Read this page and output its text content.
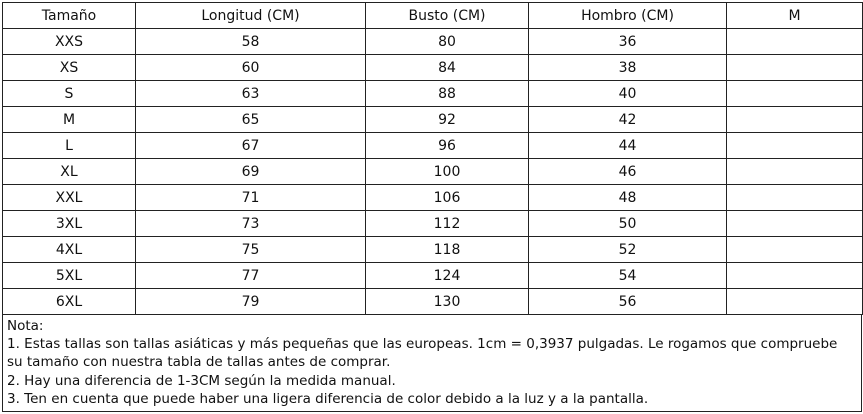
Tamaño	Longitud (CM)	Busto (CM)	Hombro (CM)	M
XXS	58	80	36	
XS	60	84	38	
S	63	88	40	
M	65	92	42	
L	67	96	44	
XL	69	100	46	
XXL	71	106	48	
3XL	73	112	50	
4XL	75	118	52	
5XL	77	124	54	
6XL	79	130	56	
Nota:
1. Estas tallas son tallas asiáticas y más pequeñas que las europeas. 1cm = 0,3937 pulgadas. Le rogamos que compruebe
su tamaño con nuestra tabla de tallas antes de comprar.
2. Hay una diferencia de 1-3CM según la medida manual.
3. Ten en cuenta que puede haber una ligera diferencia de color debido a la luz y a la pantalla.
